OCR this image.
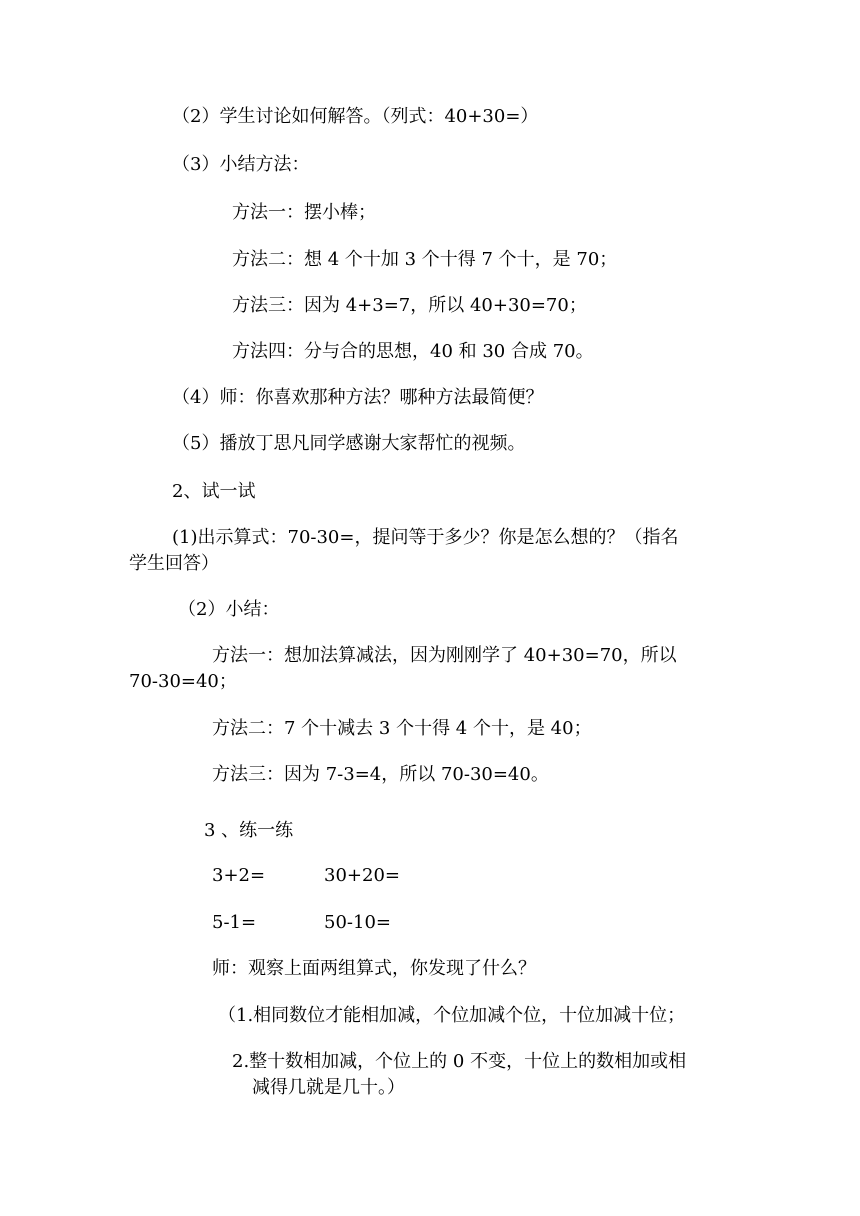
（2）学生讨论如何解答。（列式：40+30=）

（3）小结方法：

方法一：摆小棒；

方法二：想 4 个十加 3 个十得 7 个十，是 70；

方法三：因为 4+3=7，所以 40+30=70；

方法四：分与合的思想，40 和 30 合成 70。

（4）师：你喜欢那种方法？哪种方法最简便？

（5）播放丁思凡同学感谢大家帮忙的视频。

2、试一试

(1)出示算式：70-30=，提问等于多少？你是怎么想的？（指名

学生回答）

（2）小结：

方法一：想加法算减法，因为刚刚学了 40+30=70，所以

70-30=40；

方法二：7 个十减去 3 个十得 4 个十，是 40；

方法三：因为 7-3=4，所以 70-30=40。

3 、练一练

3+2=	30+20=

5-1=	50-10=

师：观察上面两组算式，你发现了什么？

（1.相同数位才能相加减，个位加减个位，十位加减十位；

2.整十数相加减，个位上的 0 不变，十位上的数相加或相

减得几就是几十。）
